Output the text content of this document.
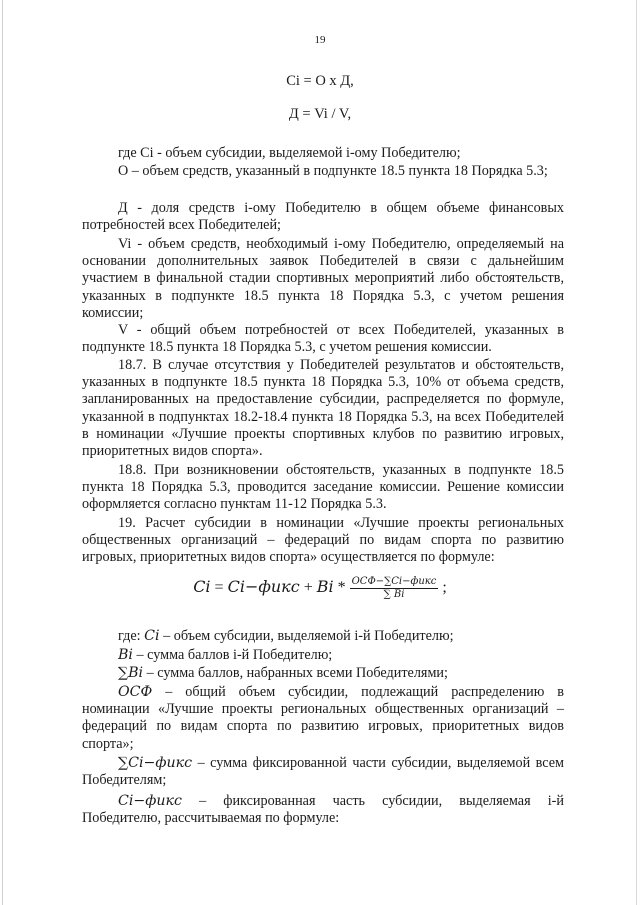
19
Ci = О х Д,
Д = Vi / V,

где Ci - объем субсидии, выделяемой i-ому Победителю;

О – объем средств, указанный в подпункте 18.5 пункта 18 Порядка 5.3;

Д - доля средств i-ому Победителю в общем объеме финансовых потребностей всех Победителей;

Vi - объем средств, необходимый i-ому Победителю, определяемый на основании дополнительных заявок Победителей в связи с дальнейшим участием в финальной стадии спортивных мероприятий либо обстоятельств, указанных в подпункте 18.5 пункта 18 Порядка 5.3, с учетом решения комиссии;

V - общий объем потребностей от всех Победителей, указанных в подпункте 18.5 пункта 18 Порядка 5.3, с учетом решения комиссии.

18.7. В случае отсутствия у Победителей результатов и обстоятельств, указанных в подпункте 18.5 пункта 18 Порядка 5.3, 10% от объема средств, запланированных на предоставление субсидии, распределяется по формуле, указанной в подпунктах 18.2-18.4 пункта 18 Порядка 5.3, на всех Победителей в номинации «Лучшие проекты спортивных клубов по развитию игровых, приоритетных видов спорта».

18.8. При возникновении обстоятельств, указанных в подпункте 18.5 пункта 18 Порядка 5.3, проводится заседание комиссии. Решение комиссии оформляется согласно пунктам 11-12 Порядка 5.3.

19. Расчет субсидии в номинации «Лучшие проекты региональных общественных организаций – федераций по видам спорта по развитию игровых, приоритетных видов спорта» осуществляется по формуле:

Ci = Ci−фикс + Bi * $\frac{\text{ОСФ−∑Ci−фикс}}{\sum Bi}$ ;
где: Ci – объем субсидии, выделяемой i-й Победителю;
Bi – сумма баллов i-й Победителю;
∑Bi – сумма баллов, набранных всеми Победителями;

ОСФ – общий объем субсидии, подлежащий распределению в номинации «Лучшие проекты региональных общественных организаций – федераций по видам спорта по развитию игровых, приоритетных видов спорта»;

∑Ci−фикс – сумма фиксированной части субсидии, выделяемой всем Победителям;

Ci−фикс – фиксированная часть субсидии, выделяемая i-й Победителю, рассчитываемая по формуле:
